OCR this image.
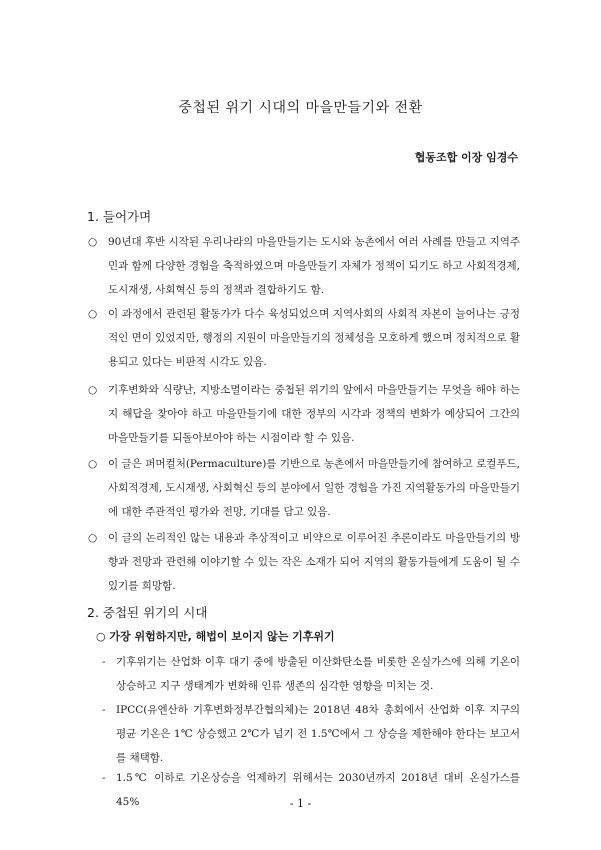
중첩된 위기 시대의 마을만들기와 전환
협동조합 이장 임경수
1. 들어가며
○	90년대 후반 시작된 우리나라의 마을만들기는 도시와 농촌에서 여러 사례를 만들고 지역주민과 함께 다양한 경험을 축적하였으며 마을만들기 자체가 정책이 되기도 하고 사회적경제, 도시재생, 사회혁신 등의 정책과 결합하기도 함.
○	이 과정에서 관련된 활동가가 다수 육성되었으며 지역사회의 사회적 자본이 늘어나는 긍정적인 면이 있었지만, 행정의 지원이 마을만들기의 정체성을 모호하게 했으며 정치적으로 활용되고 있다는 비판적 시각도 있음.
○	기후변화와 식량난, 지방소멸이라는 중첩된 위기의 앞에서 마을만들기는 무엇을 해야 하는지 해답을 찾아야 하고 마을만들기에 대한 정부의 시각과 정책의 변화가 예상되어 그간의 마을만들기를 되돌아보아야 하는 시점이라 할 수 있음.
○	이 글은 퍼머컬처(Permaculture)를 기반으로 농촌에서 마을만들기에 참여하고 로컬푸드, 사회적경제, 도시재생, 사회혁신 등의 분야에서 일한 경험을 가진 지역활동가의 마을만들기에 대한 주관적인 평가와 전망, 기대를 담고 있음.
○	이 글의 논리적인 않는 내용과 추상적이고 비약으로 이루어진 추론이라도 마을만들기의 방향과 전망과 관련해 이야기할 수 있는 작은 소재가 되어 지역의 활동가들에게 도움이 될 수 있기를 희망함.
2. 중첩된 위기의 시대
○ 가장 위험하지만, 해법이 보이지 않는 기후위기
- 기후위기는 산업화 이후 대기 중에 방출된 이산화탄소를 비롯한 온실가스에 의해 기온이 상승하고 지구 생태계가 변화해 인류 생존의 심각한 영향을 미치는 것.
- IPCC(유엔산하 기후변화정부간협의체)는 2018년 48차 총회에서 산업화 이후 지구의 평균 기온은 1℃ 상승했고 2℃가 넘기 전 1.5℃에서 그 상승을 제한해야 한다는 보고서를 채택함.
- 1.5℃ 이하로 기온상승을 억제하기 위해서는 2030년까지 2018년 대비 온실가스를 45%	- 1 -
